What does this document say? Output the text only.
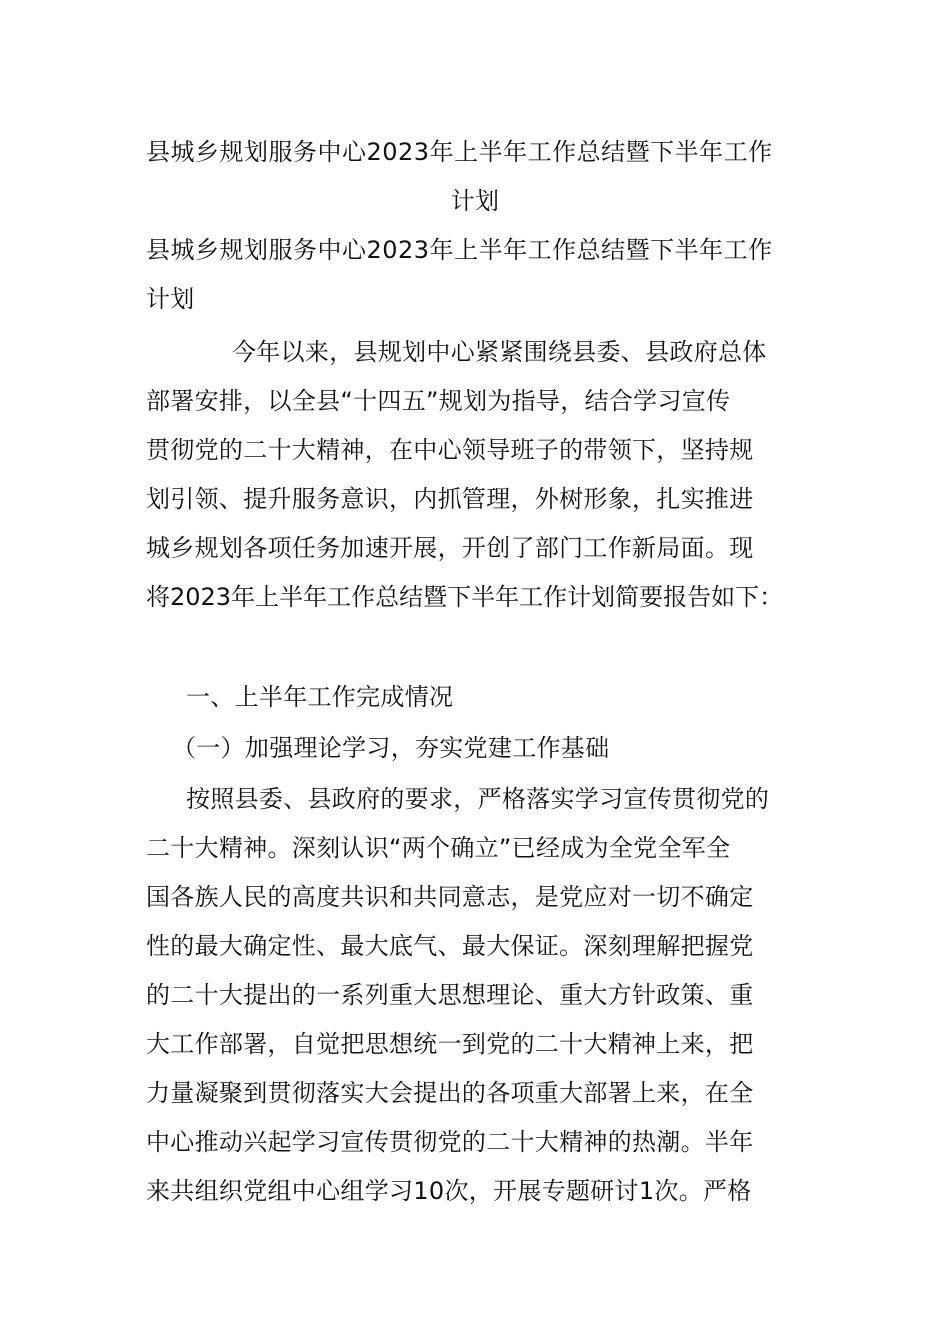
县城乡规划服务中心2023年上半年工作总结暨下半年工作
计划
县城乡规划服务中心2023年上半年工作总结暨下半年工作
计划
今年以来，县规划中心紧紧围绕县委、县政府总体
部署安排，以全县“十四五”规划为指导，结合学习宣传
贯彻党的二十大精神，在中心领导班子的带领下，坚持规
划引领、提升服务意识，内抓管理，外树形象，扎实推进
城乡规划各项任务加速开展，开创了部门工作新局面。现
将2023年上半年工作总结暨下半年工作计划简要报告如下：
一、上半年工作完成情况
（一）加强理论学习，夯实党建工作基础
按照县委、县政府的要求，严格落实学习宣传贯彻党的
二十大精神。深刻认识“两个确立”已经成为全党全军全
国各族人民的高度共识和共同意志，是党应对一切不确定
性的最大确定性、最大底气、最大保证。深刻理解把握党
的二十大提出的一系列重大思想理论、重大方针政策、重
大工作部署，自觉把思想统一到党的二十大精神上来，把
力量凝聚到贯彻落实大会提出的各项重大部署上来，在全
中心推动兴起学习宣传贯彻党的二十大精神的热潮。半年
来共组织党组中心组学习10次，开展专题研讨1次。严格
